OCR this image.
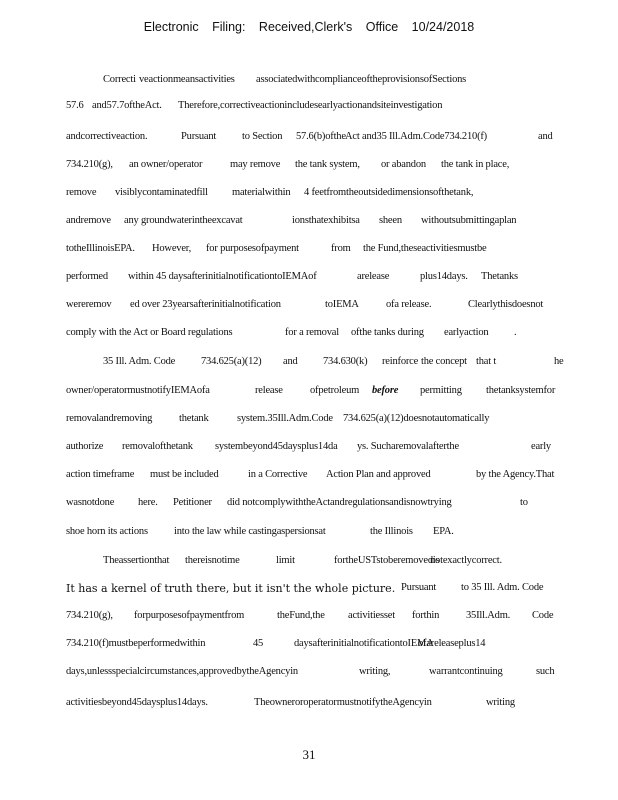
Electronic Filing: Received,Clerk's Office 10/24/2018
Correcti veactionmeansactivities associatedwithcomplianceoftheprovisionsofSections
57.6 and57.7oftheAct. Therefore,correctiveactionincludesearlyactionandsiteinvestigation
andcorrectiveaction.	Pursuant to Section 57.6(b)ofthe Act and35 Ill.Adm.Code734.210(f)	and
734.210(g), an owner/operator	may remove the tank system, or abandon the tank in place,
remove visiblycontaminatedfill materialwithin 4 feetfromtheoutsidedimensionsofthetank,
andremove any groundwaterintheexcavat	ionsthatexhibitsa sheen withoutsubmittingaplan
totheIllinoisEPA. However, for purposesofpayment	from the Fund,theseactivitiesmustbe
performed within 45 daysafterinitialnotificationtoIEMAof	arelease	plus14days. Thetanks
wereremov ed over 23yearsafterinitialnotification	toIEMA	ofa release.	Clearlythisdoesnot
comply with the Act or Board regulations	for a removal ofthe tanks during earlyaction .
35 Ill. Adm. Code 734.625(a)(12) and 734.630(k) reinforce the concept that t	he
owner/operatormustnotifyIEMAofa	release	ofpetroleum before permitting thetanksystemfor
removalandremoving	thetank	system.35Ill.Adm.Code 734.625(a)(12)doesnotautomatically
authorize removalofthetank systembeyond45daysplus14da ys. Sucharemovalafterthe	early
action timeframe must be included	in a Corrective Action Plan and approved	by the Agency.That
wasnotdone here. Petitioner did notcomplywiththeActandregulationsandisnowtrying	to
shoe horn its actions into the law while castingaspersionsat	the Illinois EPA.
Theassertionthat thereisnotime	limit	fortheUSTstoberemovedis
notexactlycorrect.
It has a kernel of truth there, but it isn't the whole picture. Pursuant to 35 Ill. Adm. Code
734.210(g), forpurposesofpaymentfrom	theFund,the activitiesset forthin	35Ill.Adm. Code
734.210(f)mustbeperformedwithin	45	daysafterinitialnotificationtoIEMA
ofareleaseplus14
days,unlessspecialcircumstances,approvedbytheAgencyin	writing,	warrantcontinuing	such
activitiesbeyond45daysplus14days.	TheowneroroperatormustnotifytheAgencyin	writing
31
